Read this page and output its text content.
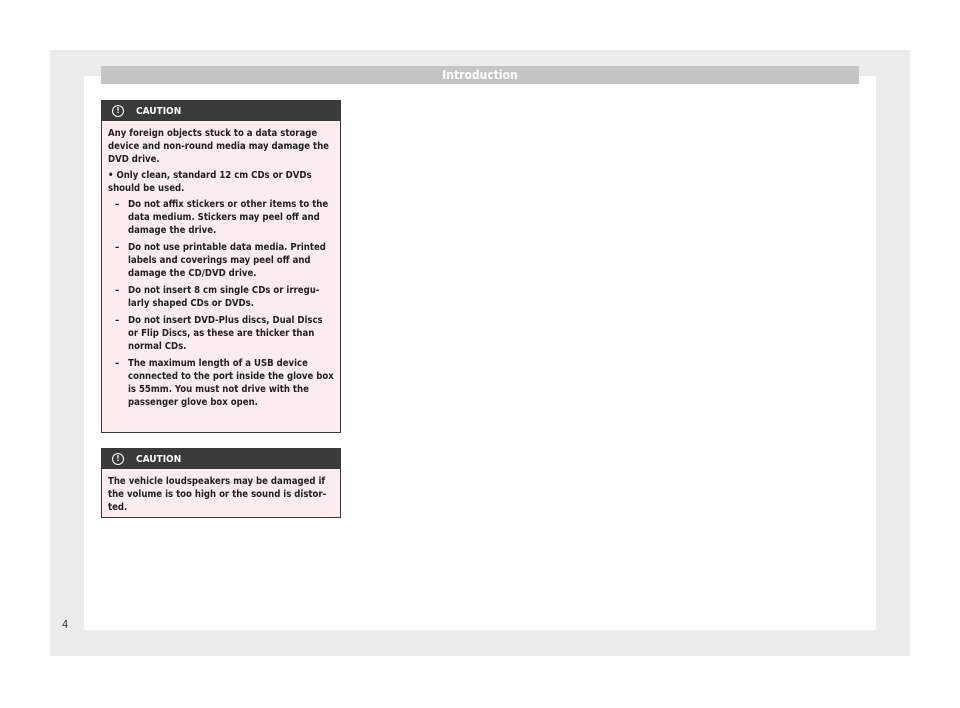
Introduction
!	CAUTION

Any foreign objects stuck to a data storage device and non-round media may damage the DVD drive.

• Only clean, standard 12 cm CDs or DVDs should be used.

– Do not affix stickers or other items to the data medium. Stickers may peel off and damage the drive.
– Do not use printable data media. Printed labels and coverings may peel off and damage the CD/DVD drive.
– Do not insert 8 cm single CDs or irregu-larly shaped CDs or DVDs.
– Do not insert DVD-Plus discs, Dual Discs or Flip Discs, as these are thicker than normal CDs.
– The maximum length of a USB device connected to the port inside the glove box is 55mm. You must not drive with the passenger glove box open.
!	CAUTION

The vehicle loudspeakers may be damaged if the volume is too high or the sound is distor-ted.

4
